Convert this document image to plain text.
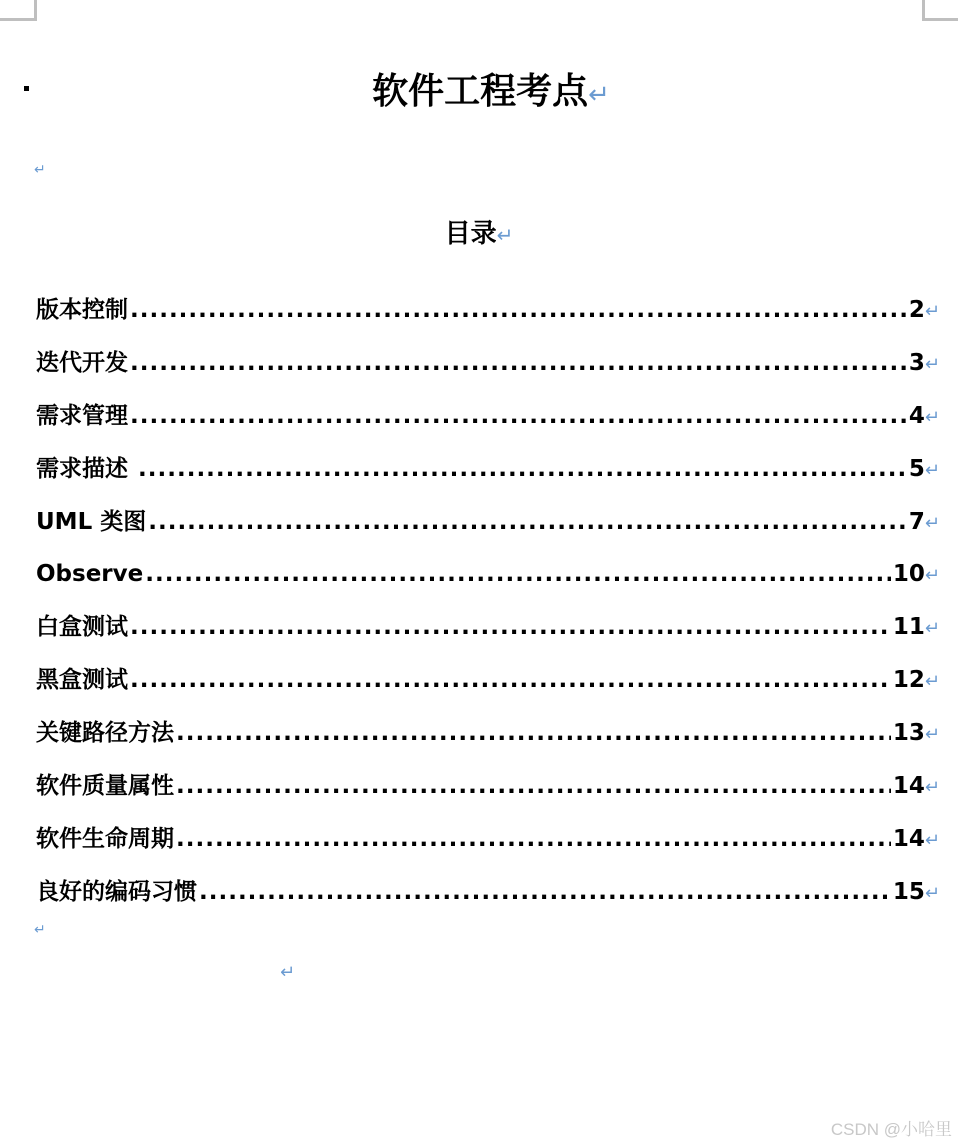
软件工程考点↵
↵
目录↵
版本控制 .....	2 ↵
迭代开发 .....	3 ↵
需求管理 .....	4 ↵
需求描述 .....	5 ↵
UML 类图 .....	7 ↵
Observe .....	10 ↵
白盒测试 .....	11 ↵
黑盒测试 .....	12 ↵
关键路径方法 .....	13 ↵
软件质量属性 .....	14 ↵
软件生命周期 .....	14 ↵
良好的编码习惯 .....	15 ↵
↵
↵
CSDN @小哈里
